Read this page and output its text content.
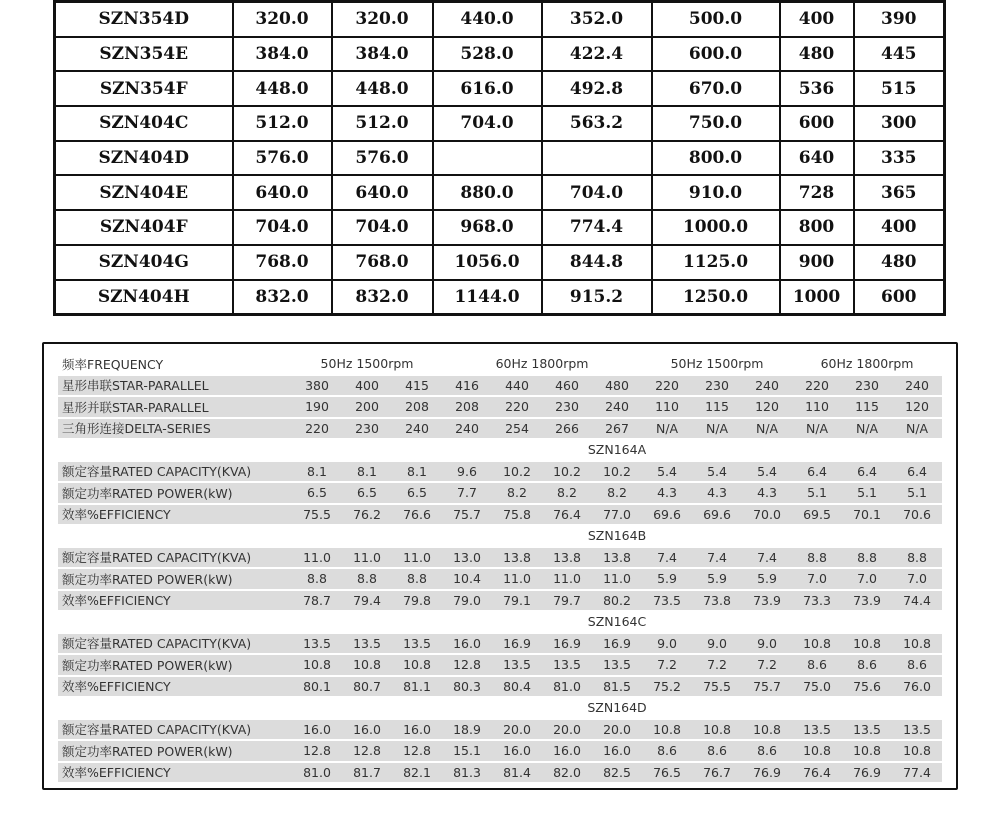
SZN354D	320.0	320.0	440.0	352.0	500.0	400	390
SZN354E	384.0	384.0	528.0	422.4	600.0	480	445
SZN354F	448.0	448.0	616.0	492.8	670.0	536	515
SZN404C	512.0	512.0	704.0	563.2	750.0	600	300
SZN404D	576.0	576.0			800.0	640	335
SZN404E	640.0	640.0	880.0	704.0	910.0	728	365
SZN404F	704.0	704.0	968.0	774.4	1000.0	800	400
SZN404G	768.0	768.0	1056.0	844.8	1125.0	900	480
SZN404H	832.0	832.0	1144.0	915.2	1250.0	1000	600
频率FREQUENCY	50Hz 1500rpm			60Hz 1800rpm				50Hz 1500rpm			60Hz 1800rpm		
星形串联STAR-PARALLEL	380	400	415	416	440	460	480	220	230	240	220	230	240
星形并联STAR-PARALLEL	190	200	208	208	220	230	240	110	115	120	110	115	120
三角形连接DELTA-SERIES	220	230	240	240	254	266	267	N/A	N/A	N/A	N/A	N/A	N/A
	SZN164A												
额定容量RATED CAPACITY(KVA)	8.1	8.1	8.1	9.6	10.2	10.2	10.2	5.4	5.4	5.4	6.4	6.4	6.4
额定功率RATED POWER(kW)	6.5	6.5	6.5	7.7	8.2	8.2	8.2	4.3	4.3	4.3	5.1	5.1	5.1
效率%EFFICIENCY	75.5	76.2	76.6	75.7	75.8	76.4	77.0	69.6	69.6	70.0	69.5	70.1	70.6
	SZN164B												
额定容量RATED CAPACITY(KVA)	11.0	11.0	11.0	13.0	13.8	13.8	13.8	7.4	7.4	7.4	8.8	8.8	8.8
额定功率RATED POWER(kW)	8.8	8.8	8.8	10.4	11.0	11.0	11.0	5.9	5.9	5.9	7.0	7.0	7.0
效率%EFFICIENCY	78.7	79.4	79.8	79.0	79.1	79.7	80.2	73.5	73.8	73.9	73.3	73.9	74.4
	SZN164C												
额定容量RATED CAPACITY(KVA)	13.5	13.5	13.5	16.0	16.9	16.9	16.9	9.0	9.0	9.0	10.8	10.8	10.8
额定功率RATED POWER(kW)	10.8	10.8	10.8	12.8	13.5	13.5	13.5	7.2	7.2	7.2	8.6	8.6	8.6
效率%EFFICIENCY	80.1	80.7	81.1	80.3	80.4	81.0	81.5	75.2	75.5	75.7	75.0	75.6	76.0
	SZN164D												
额定容量RATED CAPACITY(KVA)	16.0	16.0	16.0	18.9	20.0	20.0	20.0	10.8	10.8	10.8	13.5	13.5	13.5
额定功率RATED POWER(kW)	12.8	12.8	12.8	15.1	16.0	16.0	16.0	8.6	8.6	8.6	10.8	10.8	10.8
效率%EFFICIENCY	81.0	81.7	82.1	81.3	81.4	82.0	82.5	76.5	76.7	76.9	76.4	76.9	77.4
